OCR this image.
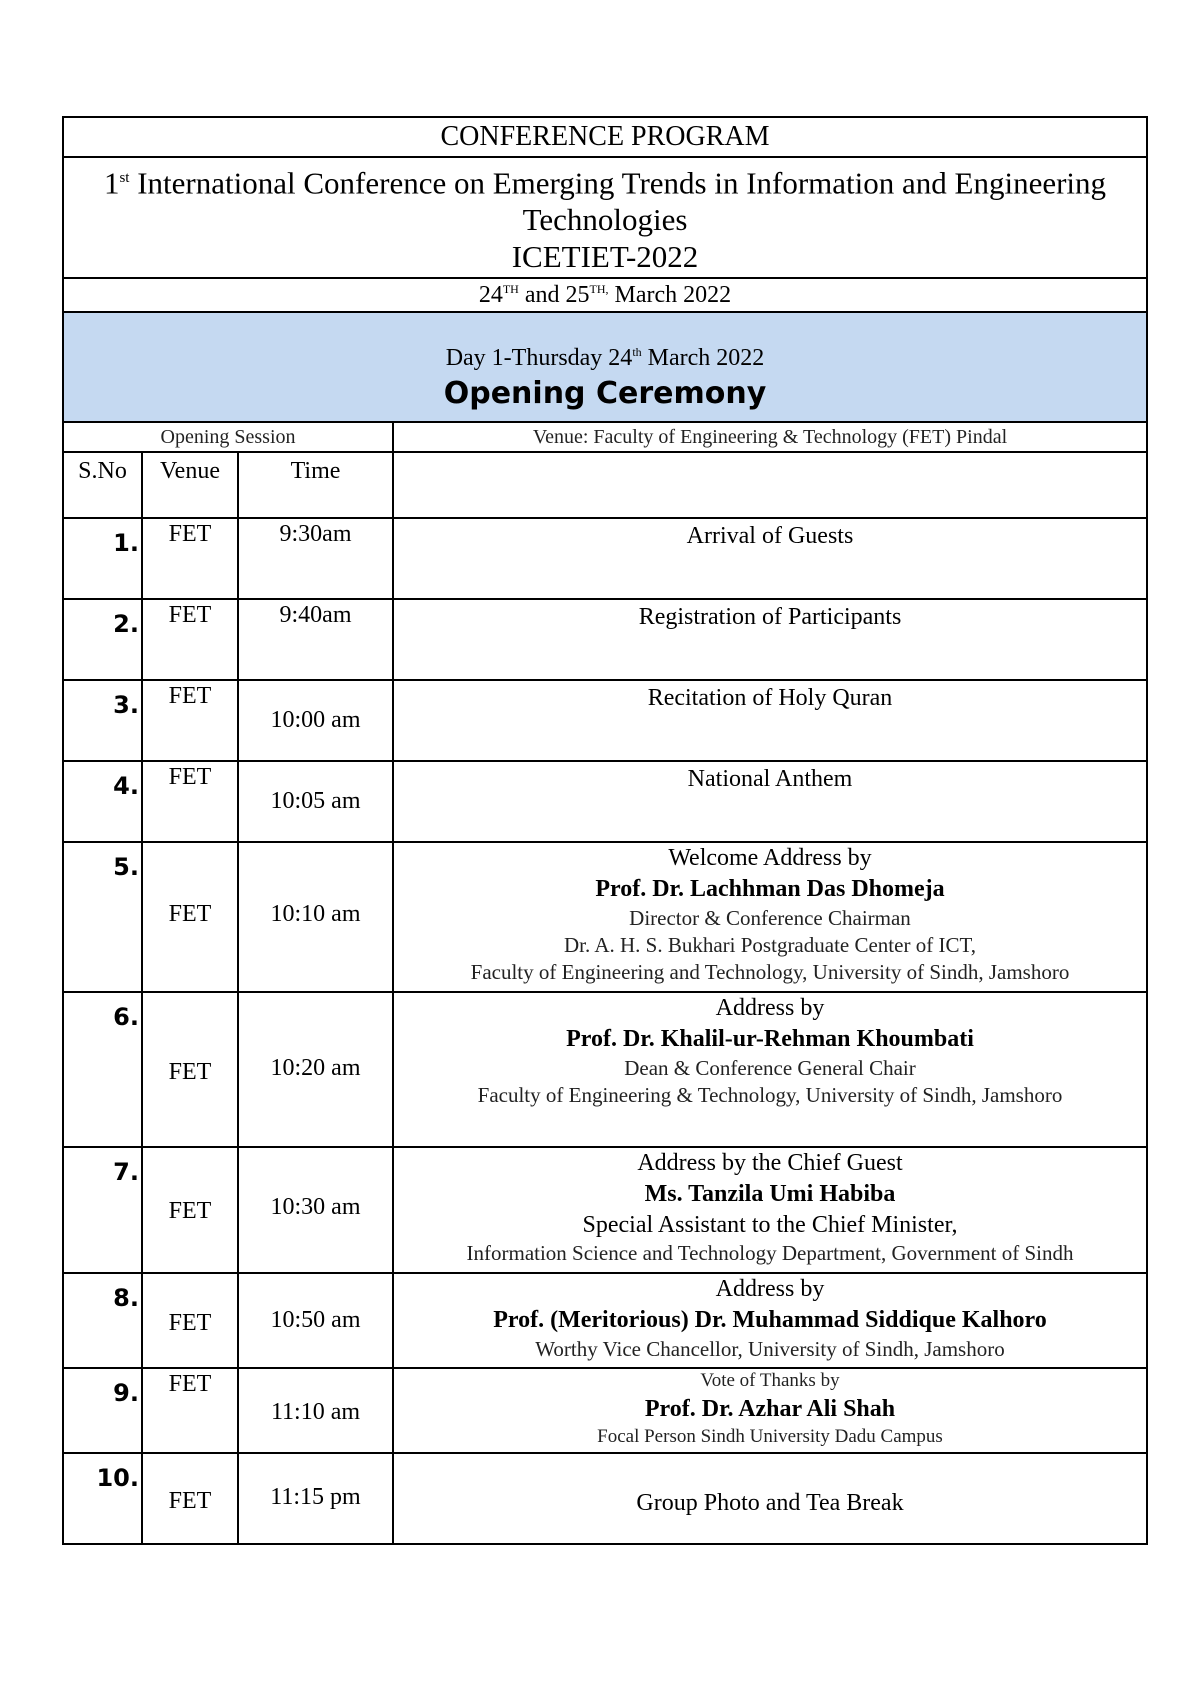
CONFERENCE PROGRAM			

1st International Conference on Emerging Trends in Information and Engineering Technologies
ICETIET-2022			

24TH and $25^{TH,}$ March 2022			

Day 1-Thursday 24th March 2022
Opening Ceremony			

Opening Session			Venue: Faculty of Engineering & Technology (FET) Pindal

S.No	Venue	Time	
1.	FET	9:30am	Arrival of Guests

2.	FET	9:40am	Registration of Participants

3.	FET	10:00 am	Recitation of Holy Quran

4.	FET	10:05 am	National Anthem

5.	FET	10:10 am	Welcome Address by
Prof. Dr. Lachhman Das Dhomeja
Director & Conference Chairman
Dr. A. H. S. Bukhari Postgraduate Center of ICT,
Faculty of Engineering and Technology, University of Sindh, Jamshoro

6.	FET	10:20 am	Address by
Prof. Dr. Khalil-ur-Rehman Khoumbati
Dean & Conference General Chair
Faculty of Engineering & Technology, University of Sindh, Jamshoro

7.	FET	10:30 am	Address by the Chief Guest
Ms. Tanzila Umi Habiba
Special Assistant to the Chief Minister,
Information Science and Technology Department, Government of Sindh

8.	FET	10:50 am	Address by
Prof. (Meritorious) Dr. Muhammad Siddique Kalhoro
Worthy Vice Chancellor, University of Sindh, Jamshoro

9.	FET	11:10 am	Vote of Thanks by
Prof. Dr. Azhar Ali Shah
Focal Person Sindh University Dadu Campus

10.	FET	11:15 pm	Group Photo and Tea Break
